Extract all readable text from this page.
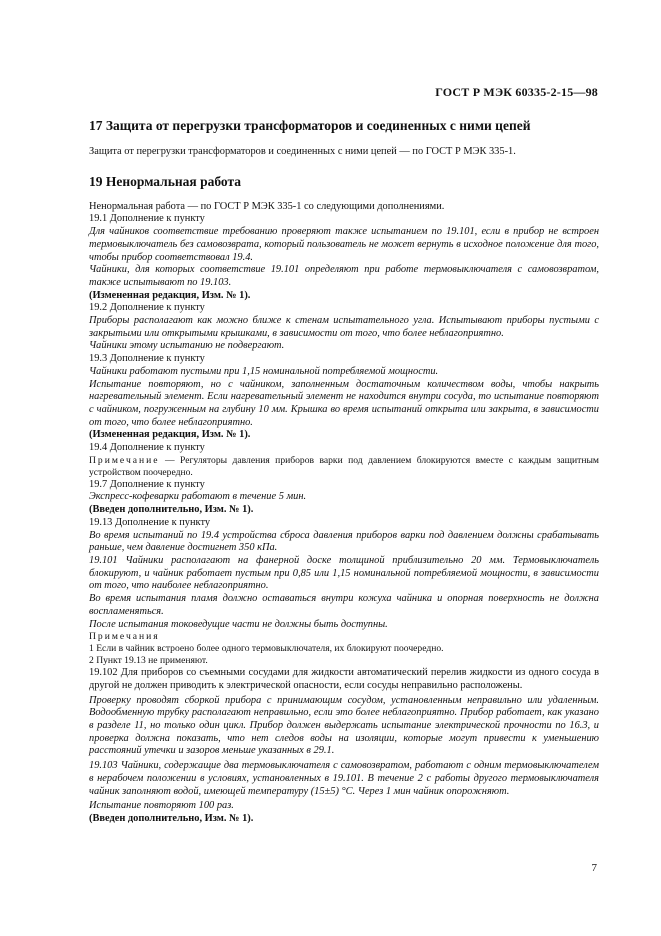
ГОСТ Р МЭК 60335-2-15—98
17 Защита от перегрузки трансформаторов и соединенных с ними цепей

Защита от перегрузки трансформаторов и соединенных с ними цепей — по ГОСТ Р МЭК 335-1.

19 Ненормальная работа

Ненормальная работа — по ГОСТ Р МЭК 335-1 со следующими дополнениями.

19.1 Дополнение к пункту

Для чайников соответствие требованию проверяют также испытанием по 19.101, если в прибор не встроен термовыключатель без самовозврата, который пользователь не может вернуть в исходное положение для того, чтобы прибор соответствовал 19.4.

Чайники, для которых соответствие 19.101 определяют при работе термовыключателя с самовозвратом, также испытывают по 19.103.

(Измененная редакция, Изм. № 1).

19.2 Дополнение к пункту

Приборы располагают как можно ближе к стенам испытательного угла. Испытывают приборы пустыми с закрытыми или открытыми крышками, в зависимости от того, что более неблагоприятно.

Чайники этому испытанию не подвергают.

19.3 Дополнение к пункту

Чайники работают пустыми при 1,15 номинальной потребляемой мощности.

Испытание повторяют, но с чайником, заполненным достаточным количеством воды, чтобы накрыть нагревательный элемент. Если нагревательный элемент не находится внутри сосуда, то испытание повторяют с чайником, погруженным на глубину 10 мм. Крышка во время испытаний открыта или закрыта, в зависимости от того, что более неблагоприятно.

(Измененная редакция, Изм. № 1).

19.4 Дополнение к пункту

Примечание — Регуляторы давления приборов варки под давлением блокируются вместе с каждым защитным устройством поочередно.

19.7 Дополнение к пункту

Экспресс-кофеварки работают в течение 5 мин.

(Введен дополнительно, Изм. № 1).

19.13 Дополнение к пункту

Во время испытаний по 19.4 устройства сброса давления приборов варки под давлением должны срабатывать раньше, чем давление достигнет 350 кПа.

19.101 Чайники располагают на фанерной доске толщиной приблизительно 20 мм. Термовыключатель блокируют, и чайник работает пустым при 0,85 или 1,15 номинальной потребляемой мощности, в зависимости от того, что наиболее неблагоприятно.

Во время испытания пламя должно оставаться внутри кожуха чайника и опорная поверхность не должна воспламеняться.

После испытания токоведущие части не должны быть доступны.

Примечания

1 Если в чайник встроено более одного термовыключателя, их блокируют поочередно.

2 Пункт 19.13 не применяют.

19.102 Для приборов со съемными сосудами для жидкости автоматический перелив жидкости из одного сосуда в другой не должен приводить к электрической опасности, если сосуды неправильно расположены.

Проверку проводят сборкой прибора с принимающим сосудом, установленным неправильно или удаленным. Водообменную трубку располагают неправильно, если это более неблагоприятно. Прибор работает, как указано в разделе 11, но только один цикл. Прибор должен выдержать испытание электрической прочности по 16.3, и проверка должна показать, что нет следов воды на изоляции, которые могут привести к уменьшению расстояний утечки и зазоров меньше указанных в 29.1.

19.103 Чайники, содержащие два термовыключателя с самовозвратом, работают с одним термовыключателем в нерабочем положении в условиях, установленных в 19.101. В течение 2 с работы другого термовыключателя чайник заполняют водой, имеющей температуру (15±5) °С. Через 1 мин чайник опорожняют.

Испытание повторяют 100 раз.

(Введен дополнительно, Изм. № 1).

7
